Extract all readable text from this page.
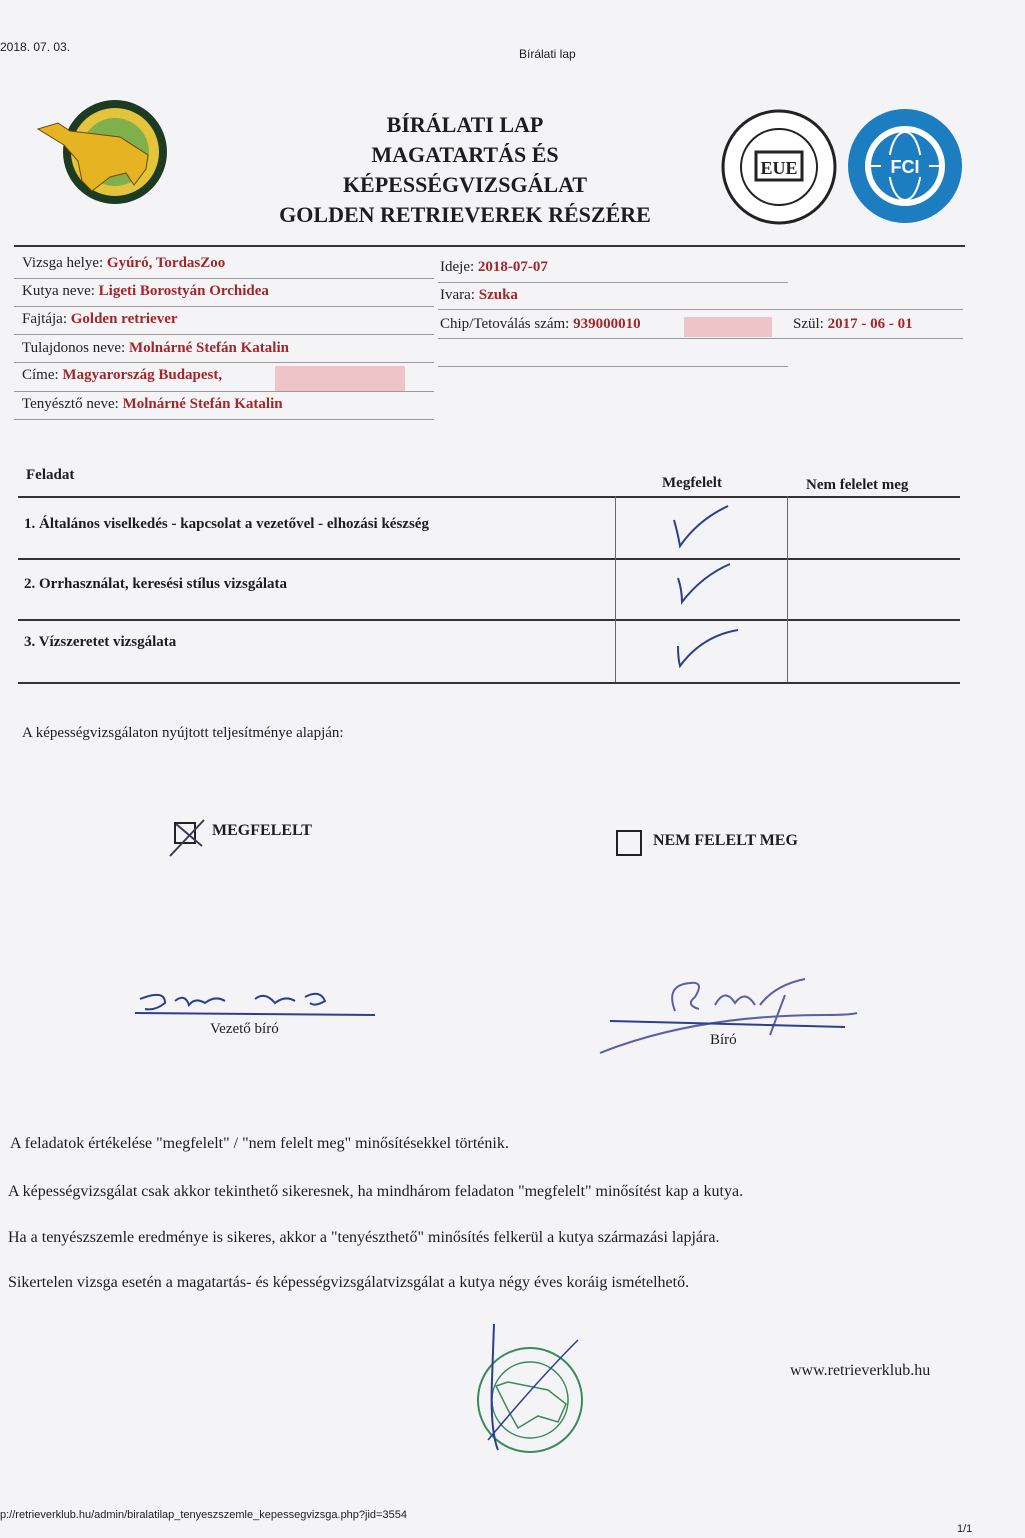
2018. 07. 03.	Bírálati lap
BÍRÁLATI LAP
MAGATARTÁS ÉS
KÉPESSÉGVIZSGÁLAT
GOLDEN RETRIEVEREK RÉSZÉRE
EUE	FCI
Vizsga helye: Gyúró, TordasZoo	Ideje: 2018-07-07
Kutya neve: Ligeti Borostyán Orchidea	Ivara: Szuka
Fajtája: Golden retriever	Chip/Tetoválás szám: 939000010	Szül: 2017 - 06 - 01
Tulajdonos neve: Molnárné Stefán Katalin
Címe: Magyarország Budapest,
Tenyésztő neve: Molnárné Stefán Katalin
Feladat	Megfelelt	Nem felelet meg
1. Általános viselkedés - kapcsolat a vezetővel - elhozási készség
2. Orrhasználat, keresési stílus vizsgálata
3. Vízszeretet vizsgálata
A képességvizsgálaton nyújtott teljesítménye alapján:
MEGFELELT
NEM FELELT MEG
Vezető bíró
Bíró
A feladatok értékelése "megfelelt" / "nem felelt meg" minősítésekkel történik.
A képességvizsgálat csak akkor tekinthető sikeresnek, ha mindhárom feladaton "megfelelt" minősítést kap a kutya.
Ha a tenyészszemle eredménye is sikeres, akkor a "tenyészthető" minősítés felkerül a kutya származási lapjára.
Sikertelen vizsga esetén a magatartás- és képességvizsgálatvizsgálat a kutya négy éves koráig ismételhető.
www.retrieverklub.hu
p://retrieverklub.hu/admin/biralatilap_tenyeszszemle_kepessegvizsga.php?jid=3554
1/1
